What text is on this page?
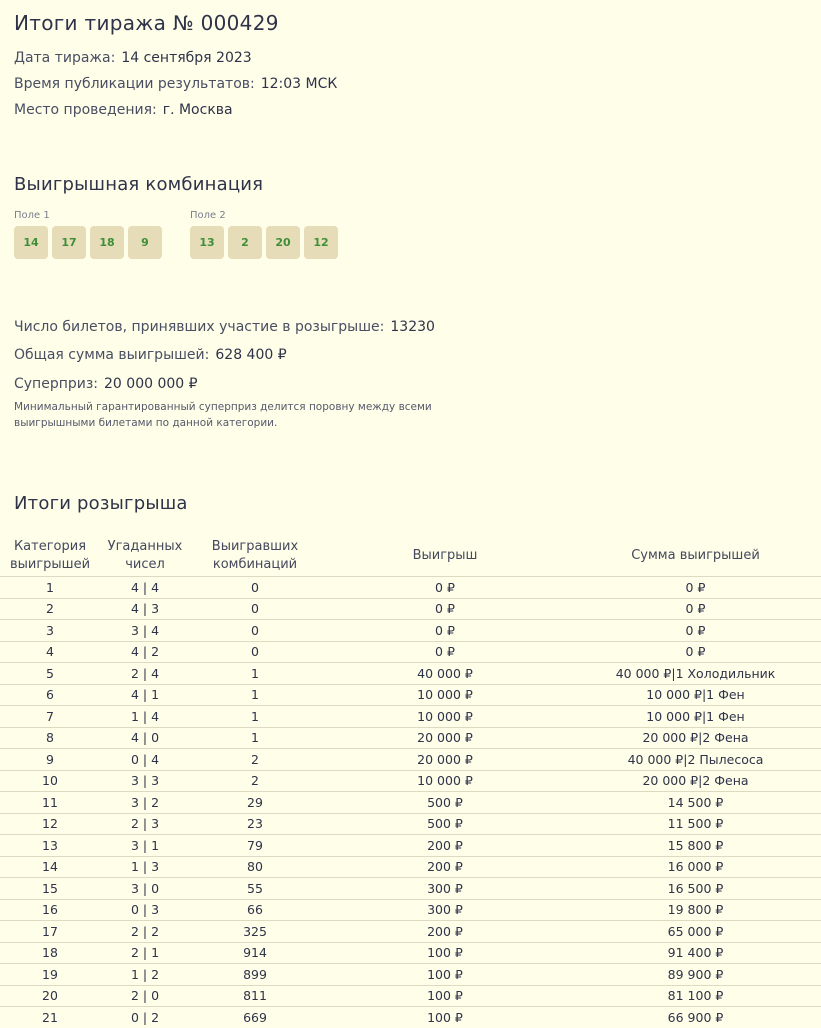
Итоги тиража № 000429
Дата тиража: 14 сентября 2023
Время публикации результатов: 12:03 МСК
Место проведения: г. Москва
Выигрышная комбинация
Поле 1	Поле 2
14	17	18	9	13	2	20	12
Число билетов, принявших участие в розыгрыше: 13230
Общая сумма выигрышей: 628 400 ₽
Суперприз: 20 000 000 ₽
Минимальный гарантированный суперприз делится поровну между всеми выигрышными билетами по данной категории.
Итоги розыгрыша
Категория выигрышей	Угаданных чисел	Выигравших комбинаций	Выигрыш	Сумма выигрышей
1	4 | 4	0	0 ₽	0 ₽
2	4 | 3	0	0 ₽	0 ₽
3	3 | 4	0	0 ₽	0 ₽
4	4 | 2	0	0 ₽	0 ₽
5	2 | 4	1	40 000 ₽	40 000 ₽|1 Холодильник
6	4 | 1	1	10 000 ₽	10 000 ₽|1 Фен
7	1 | 4	1	10 000 ₽	10 000 ₽|1 Фен
8	4 | 0	1	20 000 ₽	20 000 ₽|2 Фена
9	0 | 4	2	20 000 ₽	40 000 ₽|2 Пылесоса
10	3 | 3	2	10 000 ₽	20 000 ₽|2 Фена
11	3 | 2	29	500 ₽	14 500 ₽
12	2 | 3	23	500 ₽	11 500 ₽
13	3 | 1	79	200 ₽	15 800 ₽
14	1 | 3	80	200 ₽	16 000 ₽
15	3 | 0	55	300 ₽	16 500 ₽
16	0 | 3	66	300 ₽	19 800 ₽
17	2 | 2	325	200 ₽	65 000 ₽
18	2 | 1	914	100 ₽	91 400 ₽
19	1 | 2	899	100 ₽	89 900 ₽
20	2 | 0	811	100 ₽	81 100 ₽
21	0 | 2	669	100 ₽	66 900 ₽
